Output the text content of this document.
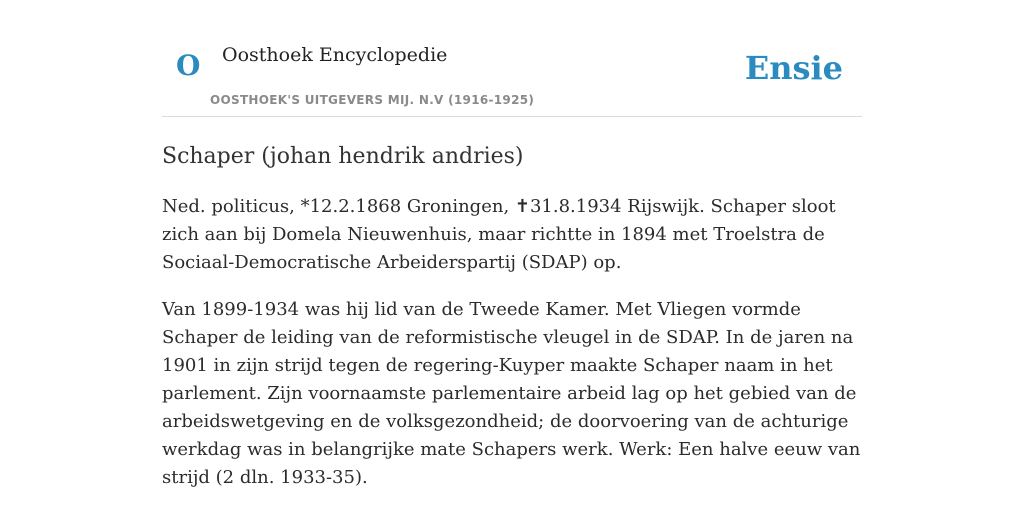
O Oosthoek Encyclopedie
OOSTHOEK'S UITGEVERS MIJ. N.V (1916-1925)
Ensie
Schaper (johan hendrik andries)

Ned. politicus, *12.2.1868 Groningen, ✝31.8.1934 Rijswijk. Schaper sloot zich aan bij Domela Nieuwenhuis, maar richtte in 1894 met Troelstra de Sociaal-Democratische Arbeiderspartij (SDAP) op.

Van 1899-1934 was hij lid van de Tweede Kamer. Met Vliegen vormde Schaper de leiding van de reformistische vleugel in de SDAP. In de jaren na 1901 in zijn strijd tegen de regering-Kuyper maakte Schaper naam in het parlement. Zijn voornaamste parlementaire arbeid lag op het gebied van de arbeidswetgeving en de volksgezondheid; de doorvoering van de achturige werkdag was in belangrijke mate Schapers werk. Werk: Een halve eeuw van strijd (2 dln. 1933-35).
